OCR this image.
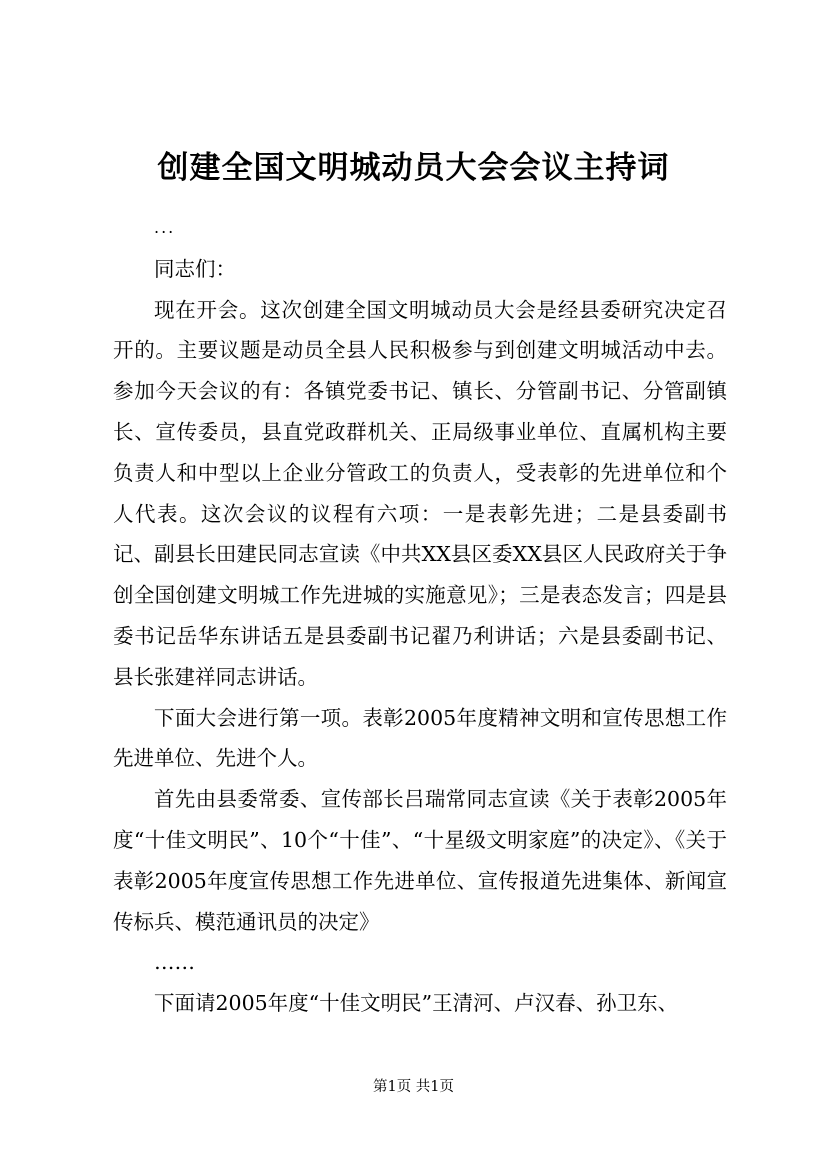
创建全国文明城动员大会会议主持词

...

同志们：

现在开会。这次创建全国文明城动员大会是经县委研究决定召开的。主要议题是动员全县人民积极参与到创建文明城活动中去。参加今天会议的有：各镇党委书记、镇长、分管副书记、分管副镇长、宣传委员，县直党政群机关、正局级事业单位、直属机构主要负责人和中型以上企业分管政工的负责人，受表彰的先进单位和个人代表。这次会议的议程有六项：一是表彰先进；二是县委副书记、副县长田建民同志宣读《中共XX县区委XX县区人民政府关于争创全国创建文明城工作先进城的实施意见》；三是表态发言；四是县委书记岳华东讲话五是县委副书记翟乃利讲话；六是县委副书记、县长张建祥同志讲话。

下面大会进行第一项。表彰2005年度精神文明和宣传思想工作先进单位、先进个人。

首先由县委常委、宣传部长吕瑞常同志宣读《关于表彰2005年度“十佳文明民”、10个“十佳”、“十星级文明家庭”的决定》、《关于表彰2005年度宣传思想工作先进单位、宣传报道先进集体、新闻宣传标兵、模范通讯员的决定》

……

下面请2005年度“十佳文明民”王清河、卢汉春、孙卫东、

第1页 共1页
